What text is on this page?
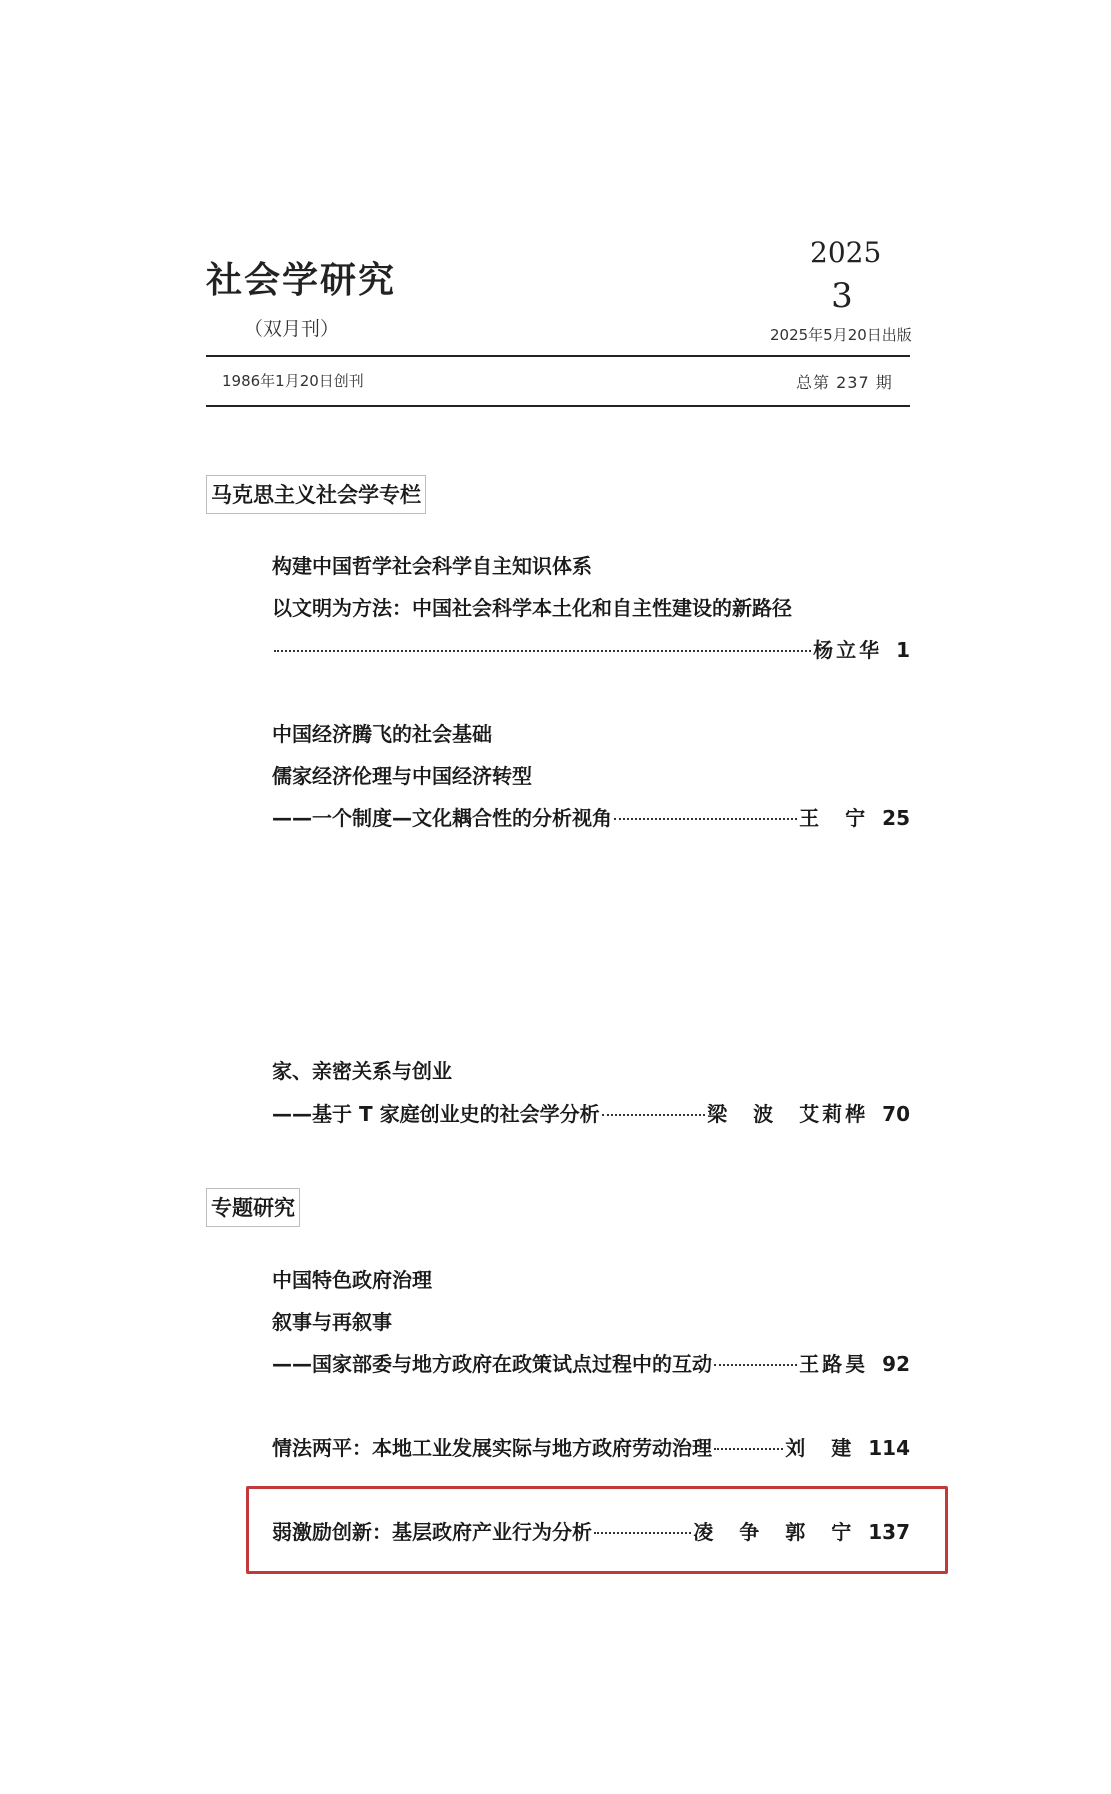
社会学研究
（双月刊）
2025
3
2025年5月20日出版
1986年1月20日创刊	总第 237 期
马克思主义社会学专栏
构建中国哲学社会科学自主知识体系
以文明为方法：中国社会科学本土化和自主性建设的新路径
杨立华 1
中国经济腾飞的社会基础
儒家经济伦理与中国经济转型
——一个制度—文化耦合性的分析视角	王　宁 25
家、亲密关系与创业
——基于 T 家庭创业史的社会学分析	梁　波　艾莉桦 70
专题研究
中国特色政府治理
叙事与再叙事
——国家部委与地方政府在政策试点过程中的互动	王路昊 92
情法两平：本地工业发展实际与地方政府劳动治理	刘　建 114
弱激励创新：基层政府产业行为分析	凌　争　郭　宁 137
